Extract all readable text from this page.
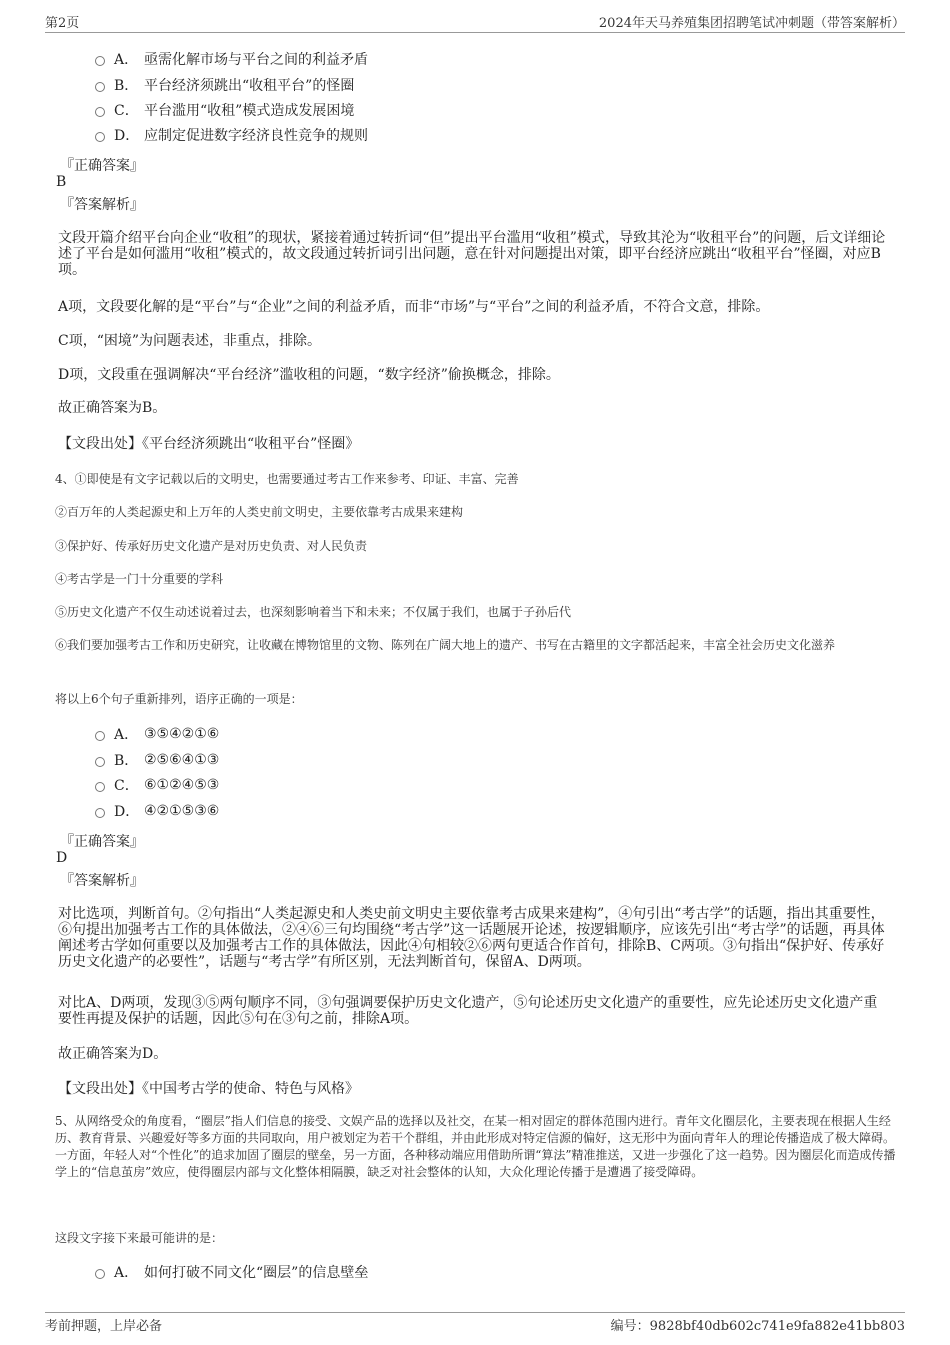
第2页	2024年天马养殖集团招聘笔试冲刺题（带答案解析）
A． 亟需化解市场与平台之间的利益矛盾
B． 平台经济须跳出“收租平台”的怪圈
C． 平台滥用“收租”模式造成发展困境
D． 应制定促进数字经济良性竞争的规则
『正确答案』
B
『答案解析』
文段开篇介绍平台向企业“收租”的现状，紧接着通过转折词“但”提出平台滥用“收租”模式，导致其沦为“收租平台”的问题，后文详细论述了平台是如何滥用“收租”模式的，故文段通过转折词引出问题，意在针对问题提出对策，即平台经济应跳出“收租平台”怪圈，对应B项。
A项，文段要化解的是“平台”与“企业”之间的利益矛盾，而非“市场”与“平台”之间的利益矛盾，不符合文意，排除。
C项，“困境”为问题表述，非重点，排除。
D项，文段重在强调解决“平台经济”滥收租的问题，“数字经济”偷换概念，排除。
故正确答案为B。
【文段出处】《平台经济须跳出“收租平台”怪圈》
4、①即使是有文字记载以后的文明史，也需要通过考古工作来参考、印证、丰富、完善
②百万年的人类起源史和上万年的人类史前文明史，主要依靠考古成果来建构
③保护好、传承好历史文化遗产是对历史负责、对人民负责
④考古学是一门十分重要的学科
⑤历史文化遗产不仅生动述说着过去，也深刻影响着当下和未来；不仅属于我们，也属于子孙后代
⑥我们要加强考古工作和历史研究，让收藏在博物馆里的文物、陈列在广阔大地上的遗产、书写在古籍里的文字都活起来，丰富全社会历史文化滋养
将以上6个句子重新排列，语序正确的一项是：
A． ③⑤④②①⑥
B． ②⑤⑥④①③
C． ⑥①②④⑤③
D． ④②①⑤③⑥
『正确答案』
D
『答案解析』
对比选项，判断首句。②句指出“人类起源史和人类史前文明史主要依靠考古成果来建构”，④句引出“考古学”的话题，指出其重要性，⑥句提出加强考古工作的具体做法，②④⑥三句均围绕“考古学”这一话题展开论述，按逻辑顺序，应该先引出“考古学”的话题，再具体阐述考古学如何重要以及加强考古工作的具体做法，因此④句相较②⑥两句更适合作首句，排除B、C两项。③句指出“保护好、传承好历史文化遗产的必要性”，话题与“考古学”有所区别，无法判断首句，保留A、D两项。
对比A、D两项，发现③⑤两句顺序不同，③句强调要保护历史文化遗产，⑤句论述历史文化遗产的重要性，应先论述历史文化遗产重要性再提及保护的话题，因此⑤句在③句之前，排除A项。
故正确答案为D。
【文段出处】《中国考古学的使命、特色与风格》
5、从网络受众的角度看，“圈层”指人们信息的接受、文娱产品的选择以及社交，在某一相对固定的群体范围内进行。青年文化圈层化，主要表现在根据人生经历、教育背景、兴趣爱好等多方面的共同取向，用户被划定为若干个群组，并由此形成对特定信源的偏好，这无形中为面向青年人的理论传播造成了极大障碍。一方面，年轻人对“个性化”的追求加固了圈层的壁垒，另一方面，各种移动端应用借助所谓“算法”精准推送，又进一步强化了这一趋势。因为圈层化而造成传播学上的“信息茧房”效应，使得圈层内部与文化整体相隔膜，缺乏对社会整体的认知，大众化理论传播于是遭遇了接受障碍。
这段文字接下来最可能讲的是：
A． 如何打破不同文化“圈层”的信息壁垒
考前押题，上岸必备	编号：9828bf40db602c741e9fa882e41bb803
